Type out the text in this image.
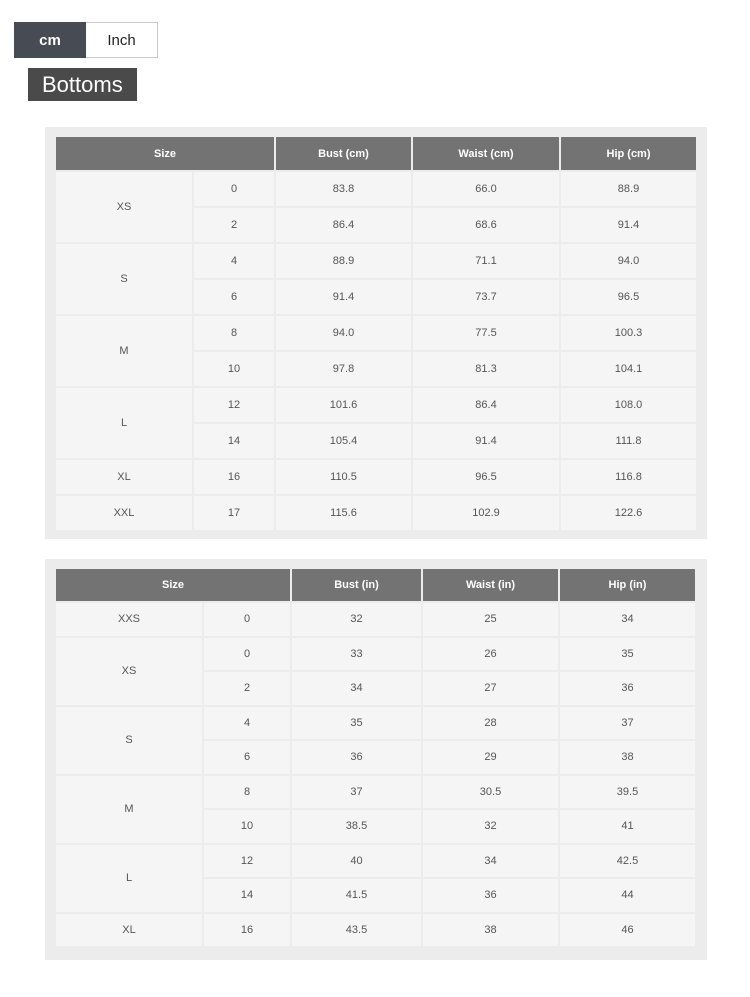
cm	Inch
Bottoms
Size		Bust (cm)	Waist (cm)	Hip (cm)
XS	0	83.8	66.0	88.9
	2	86.4	68.6	91.4
S	4	88.9	71.1	94.0
	6	91.4	73.7	96.5
M	8	94.0	77.5	100.3
	10	97.8	81.3	104.1
L	12	101.6	86.4	108.0
	14	105.4	91.4	111.8
XL	16	110.5	96.5	116.8
XXL	17	115.6	102.9	122.6
Size		Bust (in)	Waist (in)	Hip (in)
XXS	0	32	25	34
XS	0	33	26	35
	2	34	27	36
S	4	35	28	37
	6	36	29	38
M	8	37	30.5	39.5
	10	38.5	32	41
L	12	40	34	42.5
	14	41.5	36	44
XL	16	43.5	38	46
